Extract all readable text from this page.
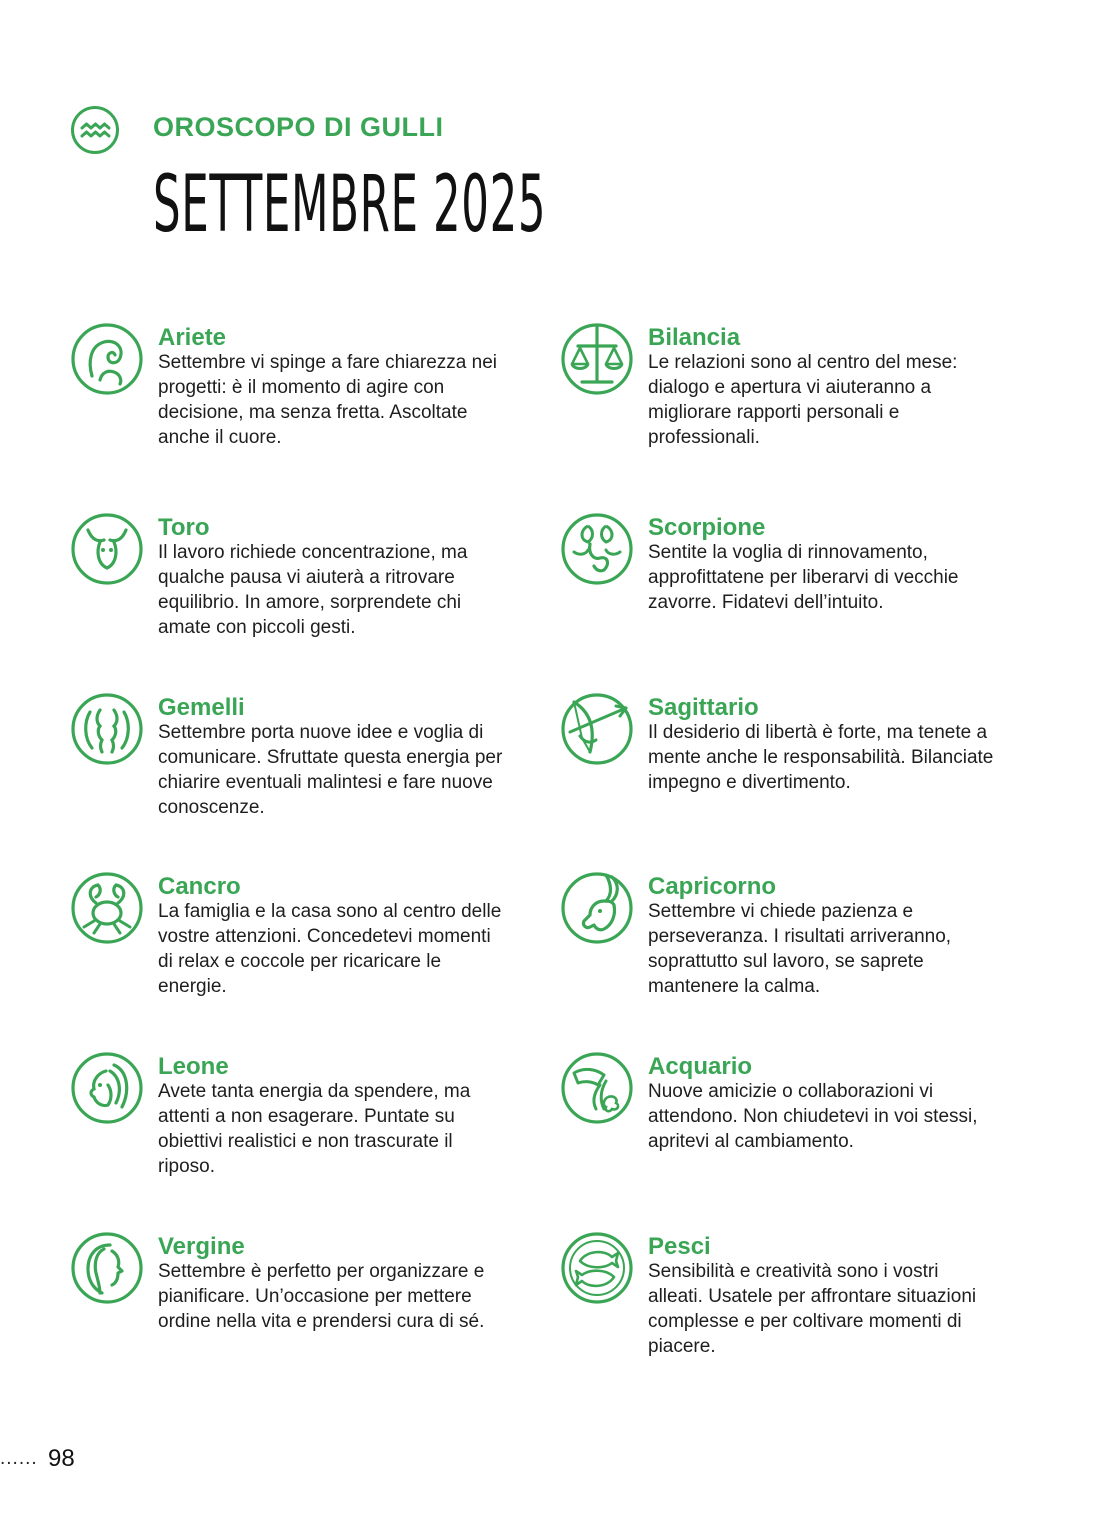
OROSCOPO DI GULLI
SETTEMBRE 2025
Ariete

Settembre vi spinge a fare chiarezza nei progetti: è il momento di agire con decisione, ma senza fretta. Ascoltate anche il cuore.

Toro

Il lavoro richiede concentrazione, ma qualche pausa vi aiuterà a ritrovare equilibrio. In amore, sorprendete chi amate con piccoli gesti.

Gemelli

Settembre porta nuove idee e voglia di comunicare. Sfruttate questa energia per chiarire eventuali malintesi e fare nuove conoscenze.

Cancro

La famiglia e la casa sono al centro delle vostre attenzioni. Concedetevi momenti di relax e coccole per ricaricare le energie.

Leone

Avete tanta energia da spendere, ma attenti a non esagerare. Puntate su obiettivi realistici e non trascurate il riposo.

Vergine

Settembre è perfetto per organizzare e pianificare. Un’occasione per mettere ordine nella vita e prendersi cura di sé.

Bilancia

Le relazioni sono al centro del mese: dialogo e apertura vi aiuteranno a migliorare rapporti personali e professionali.

Scorpione

Sentite la voglia di rinnovamento, approfittatene per liberarvi di vecchie zavorre. Fidatevi dell’intuito.

Sagittario

Il desiderio di libertà è forte, ma tenete a mente anche le responsabilità. Bilanciate impegno e divertimento.

Capricorno

Settembre vi chiede pazienza e perseveranza. I risultati arriveranno, soprattutto sul lavoro, se saprete mantenere la calma.

Acquario

Nuove amicizie o collaborazioni vi attendono. Non chiudetevi in voi stessi, apritevi al cambiamento.

Pesci

Sensibilità e creatività sono i vostri alleati. Usatele per affrontare situazioni complesse e per coltivare momenti di piacere.

...... 98
